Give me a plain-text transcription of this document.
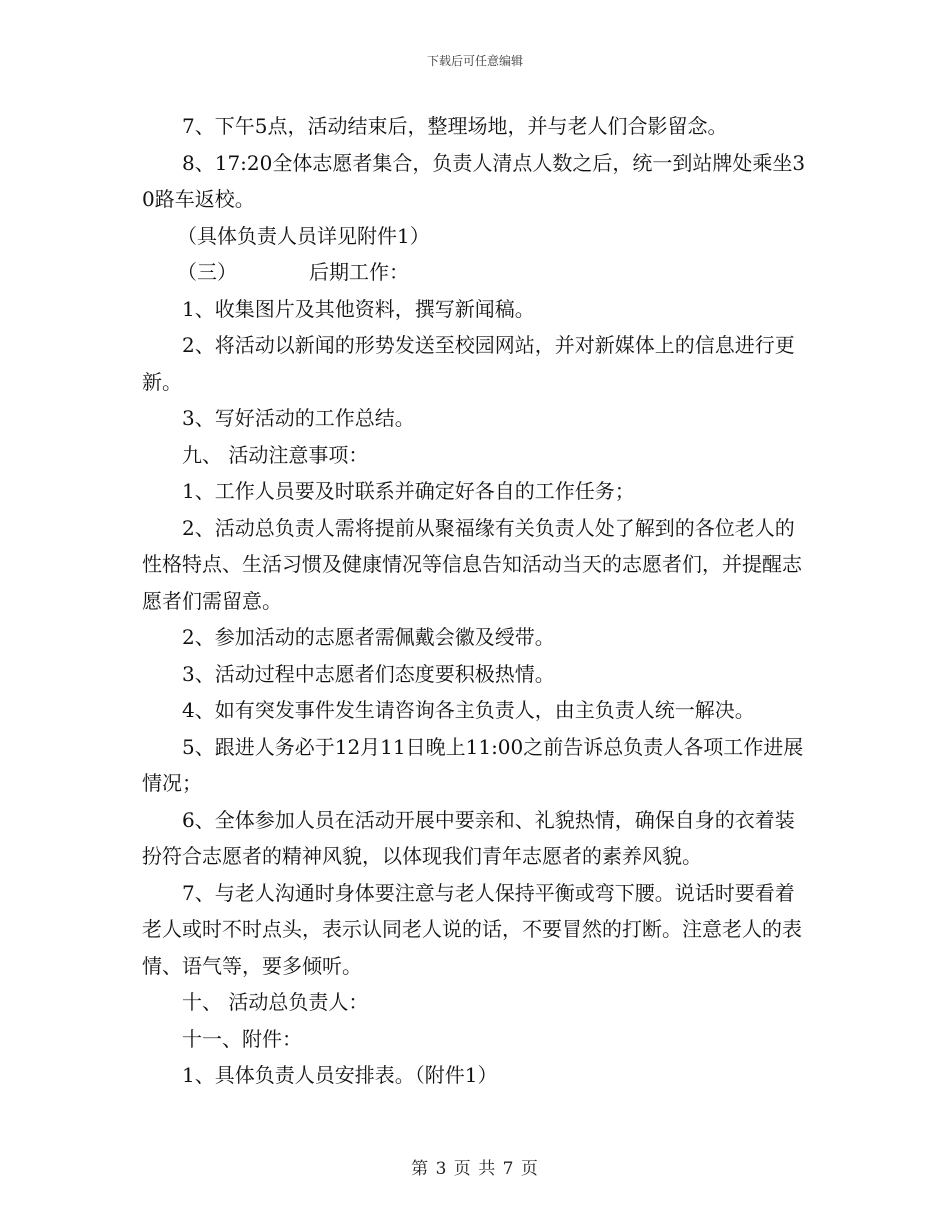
下载后可任意编辑

7、下午5点，活动结束后，整理场地，并与老人们合影留念。

8、17:20全体志愿者集合，负责人清点人数之后，统一到站牌处乘坐30路车返校。

（具体负责人员详见附件1）

（三）	后期工作：

1、收集图片及其他资料，撰写新闻稿。

2、将活动以新闻的形势发送至校园网站，并对新媒体上的信息进行更新。

3、写好活动的工作总结。

九、 活动注意事项：

1、工作人员要及时联系并确定好各自的工作任务；

2、活动总负责人需将提前从聚福缘有关负责人处了解到的各位老人的性格特点、生活习惯及健康情况等信息告知活动当天的志愿者们，并提醒志愿者们需留意。

2、参加活动的志愿者需佩戴会徽及绶带。

3、活动过程中志愿者们态度要积极热情。

4、如有突发事件发生请咨询各主负责人，由主负责人统一解决。

5、跟进人务必于12月11日晚上11:00之前告诉总负责人各项工作进展情况；

6、全体参加人员在活动开展中要亲和、礼貌热情，确保自身的衣着装扮符合志愿者的精神风貌，以体现我们青年志愿者的素养风貌。

7、与老人沟通时身体要注意与老人保持平衡或弯下腰。说话时要看着老人或时不时点头，表示认同老人说的话，不要冒然的打断。注意老人的表情、语气等，要多倾听。

十、 活动总负责人：

十一、附件：

1、具体负责人员安排表。（附件1）

第 3 页 共 7 页
